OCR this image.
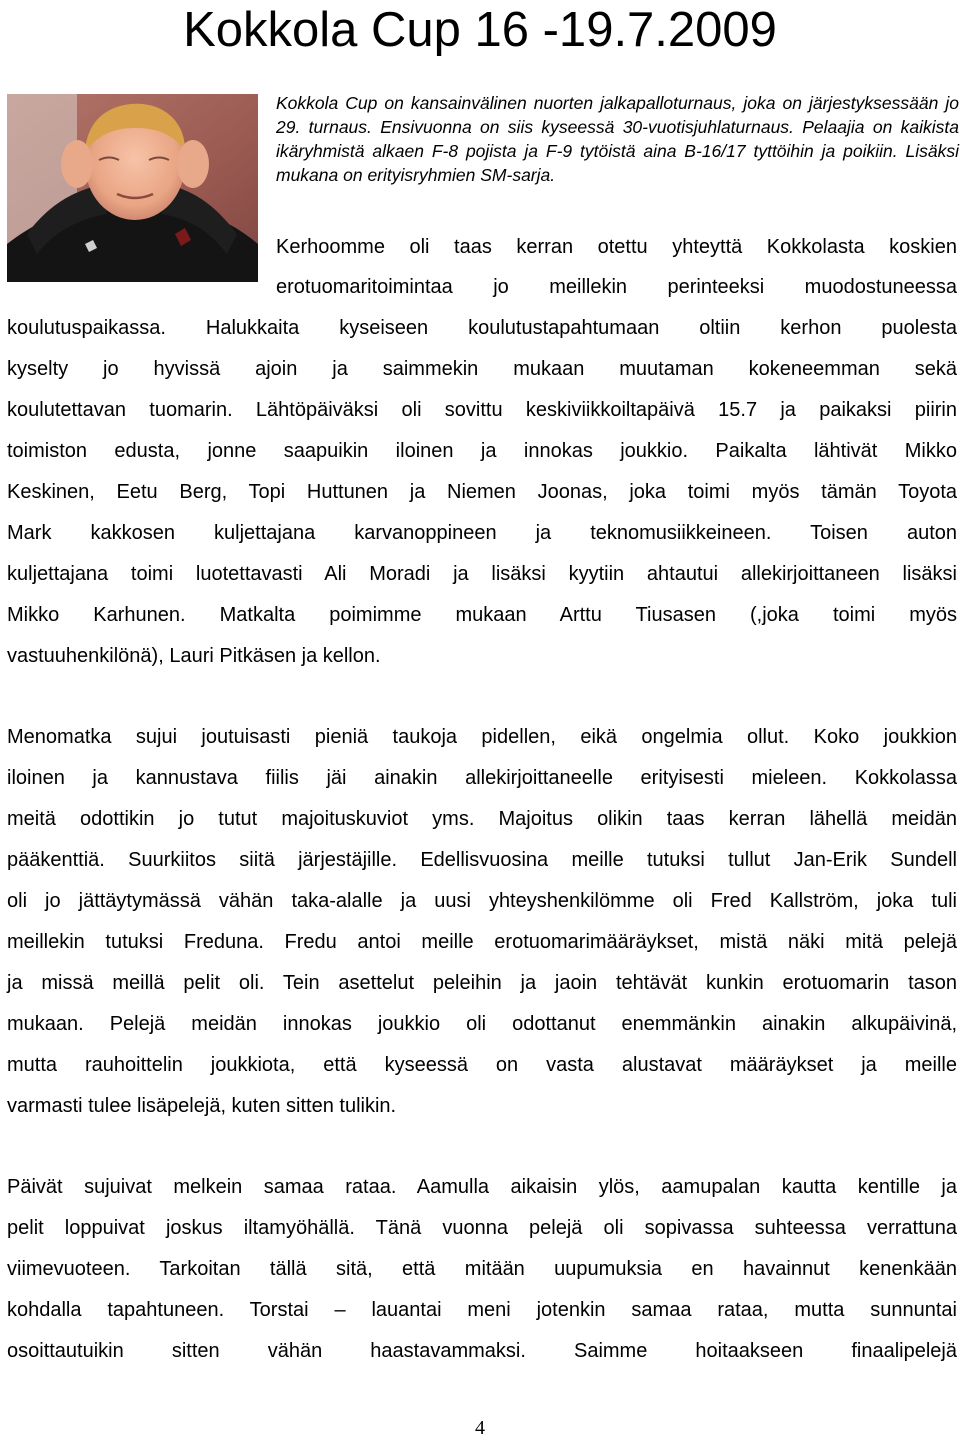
Kokkola Cup 16 -19.7.2009

Kokkola Cup on kansainvälinen nuorten jalkapalloturnaus, joka on järjestyksessään jo 29. turnaus. Ensivuonna on siis kyseessä 30-vuotisjuhlaturnaus. Pelaajia on kaikista ikäryhmistä alkaen F-8 pojista ja F-9 tytöistä aina B-16/17 tyttöihin ja poikiin. Lisäksi mukana on erityisryhmien SM-sarja.

Kerhoomme oli taas kerran otettu yhteyttä Kokkolasta koskien
erotuomaritoimintaa jo meillekin perinteeksi muodostuneessa
koulutuspaikassa. Halukkaita kyseiseen koulutustapahtumaan oltiin kerhon puolesta
kyselty jo hyvissä ajoin ja saimmekin mukaan muutaman kokeneemman sekä
koulutettavan tuomarin. Lähtöpäiväksi oli sovittu keskiviikkoiltapäivä 15.7 ja paikaksi piirin
toimiston edusta, jonne saapuikin iloinen ja innokas joukkio. Paikalta lähtivät Mikko
Keskinen, Eetu Berg, Topi Huttunen ja Niemen Joonas, joka toimi myös tämän Toyota
Mark kakkosen kuljettajana karvanoppineen ja teknomusiikkeineen. Toisen auton
kuljettajana toimi luotettavasti Ali Moradi ja lisäksi kyytiin ahtautui allekirjoittaneen lisäksi
Mikko Karhunen. Matkalta poimimme mukaan Arttu Tiusasen (,joka toimi myös
vastuuhenkilönä), Lauri Pitkäsen ja kellon.
Menomatka sujui joutuisasti pieniä taukoja pidellen, eikä ongelmia ollut. Koko joukkion
iloinen ja kannustava fiilis jäi ainakin allekirjoittaneelle erityisesti mieleen. Kokkolassa
meitä odottikin jo tutut majoituskuviot yms. Majoitus olikin taas kerran lähellä meidän
pääkenttiä. Suurkiitos siitä järjestäjille. Edellisvuosina meille tutuksi tullut Jan-Erik Sundell
oli jo jättäytymässä vähän taka-alalle ja uusi yhteyshenkilömme oli Fred Kallström, joka tuli
meillekin tutuksi Freduna. Fredu antoi meille erotuomarimääräykset, mistä näki mitä pelejä
ja missä meillä pelit oli. Tein asettelut peleihin ja jaoin tehtävät kunkin erotuomarin tason
mukaan. Pelejä meidän innokas joukkio oli odottanut enemmänkin ainakin alkupäivinä,
mutta rauhoittelin joukkiota, että kyseessä on vasta alustavat määräykset ja meille
varmasti tulee lisäpelejä, kuten sitten tulikin.
Päivät sujuivat melkein samaa rataa. Aamulla aikaisin ylös, aamupalan kautta kentille ja
pelit loppuivat joskus iltamyöhällä. Tänä vuonna pelejä oli sopivassa suhteessa verrattuna
viimevuoteen. Tarkoitan tällä sitä, että mitään uupumuksia en havainnut kenenkään
kohdalla tapahtuneen. Torstai – lauantai meni jotenkin samaa rataa, mutta sunnuntai
osoittautuikin sitten vähän haastavammaksi. Saimme hoitaakseen finaalipelejä
4
